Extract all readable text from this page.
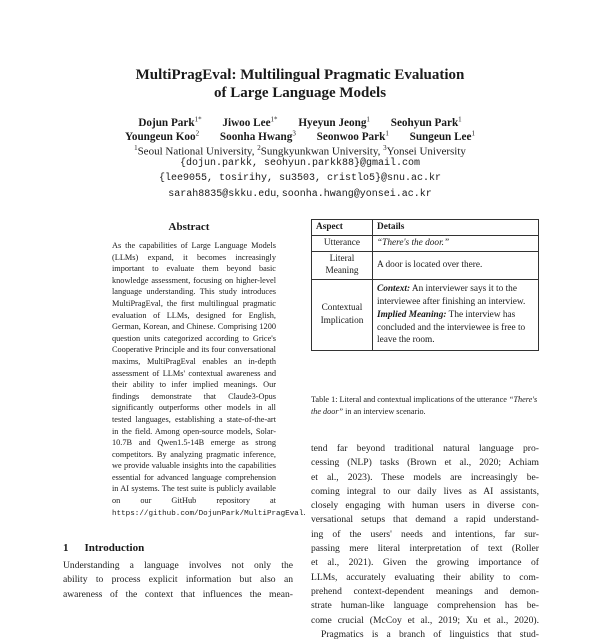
MultiPragEval: Multilingual Pragmatic Evaluation
of Large Language Models
Dojun Park$^{1*}$ Jiwoo Lee$^{1*}$ Hyeyun Jeong$^1$ Seohyun Park$^1$
Youngeun Koo$^2$ Soonha Hwang$^3$ Seonwoo Park$^1$ Sungeun Lee$^1$
$^1$Seoul National University, $^2$Sungkyunkwan University, $^3$Yonsei University
{dojun.parkk, seohyun.parkk88}@gmail.com
{lee9055, tosirihy, su3503, cristlo5}@snu.ac.kr
sarah8835@skku.edu, soonha.hwang@yonsei.ac.kr
Abstract
As the capabilities of Large Language Models (LLMs) expand, it becomes increasingly important to evaluate them beyond basic knowledge assessment, focusing on higher-level language understanding. This study introduces MultiPragEval, the first multilingual pragmatic evaluation of LLMs, designed for English, German, Korean, and Chinese. Comprising 1200 question units categorized according to Grice's Cooperative Principle and its four conversational maxims, MultiPragEval enables an in-depth assessment of LLMs' contextual awareness and their ability to infer implied meanings. Our findings demonstrate that Claude3-Opus significantly outperforms other models in all tested languages, establishing a state-of-the-art in the field. Among open-source models, Solar-10.7B and Qwen1.5-14B emerge as strong competitors. By analyzing pragmatic inference, we provide valuable insights into the capabilities essential for advanced language comprehension in AI systems. The test suite is publicly available on our GitHub repository at https://github.com/DojunPark/MultiPragEval.
1 Introduction
Understanding a language involves not only the
ability to process explicit information but also an
awareness of the context that influences the mean-
Aspect	Details
Utterance	“There's the door.”
Literal Meaning	A door is located over there.
Contextual Implication	Context: An interviewer says it to the interviewee after finishing an interview.
Implied Meaning: The interview has concluded and the interviewee is free to leave the room.
Table 1: Literal and contextual implications of the utterance “There's the door” in an interview scenario.
tend far beyond traditional natural language pro-
cessing (NLP) tasks (Brown et al., 2020; Achiam
et al., 2023). These models are increasingly be-
coming integral to our daily lives as AI assistants,
closely engaging with human users in diverse con-
versational setups that demand a rapid understand-
ing of the users' needs and intentions, far sur-
passing mere literal interpretation of text (Roller
et al., 2021). Given the growing importance of
LLMs, accurately evaluating their ability to com-
prehend context-dependent meanings and demon-
strate human-like language comprehension has be-
come crucial (McCoy et al., 2019; Xu et al., 2020).
Pragmatics is a branch of linguistics that stud-
